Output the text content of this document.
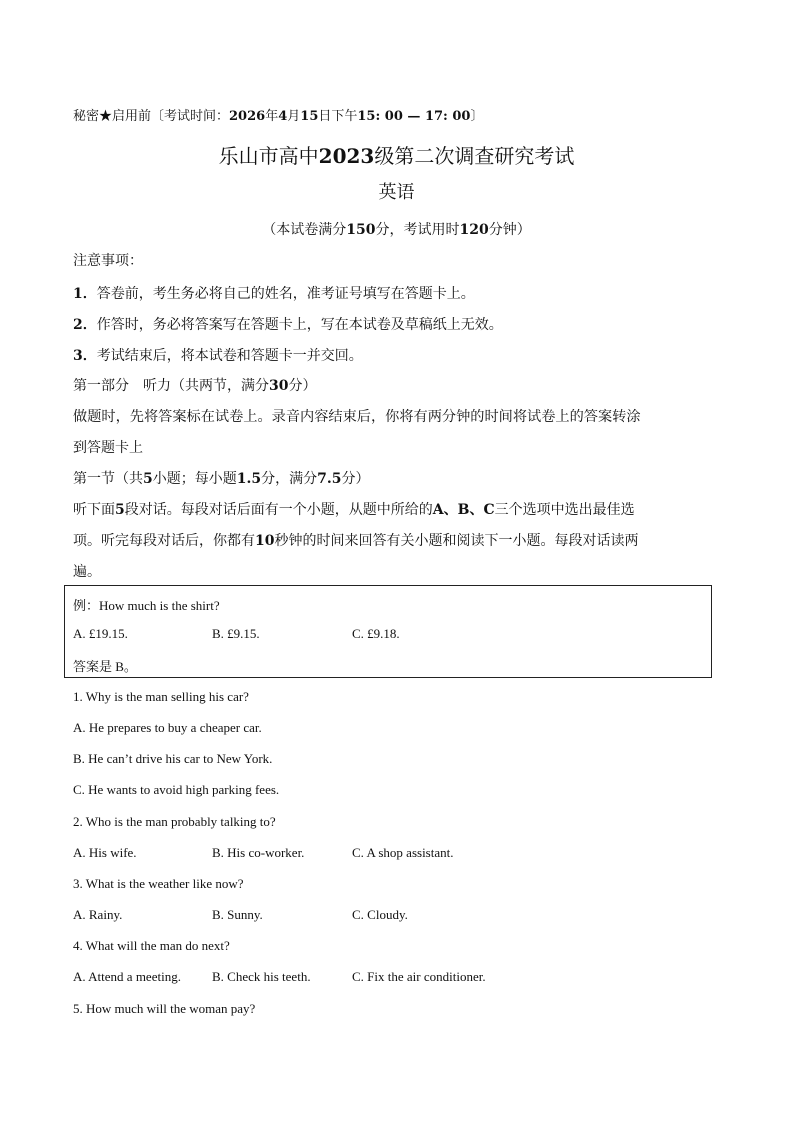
秘密★启用前〔考试时间：2026年4月15日下午15: 00 — 17: 00〕
乐山市高中2023级第二次调查研究考试
英语
（本试卷满分150分，考试用时120分钟）
注意事项：
1．答卷前，考生务必将自己的姓名，准考证号填写在答题卡上。
2．作答时，务必将答案写在答题卡上，写在本试卷及草稿纸上无效。
3．考试结束后，将本试卷和答题卡一并交回。
第一部分　听力（共两节，满分30分）
做题时，先将答案标在试卷上。录音内容结束后，你将有两分钟的时间将试卷上的答案转涂
到答题卡上
第一节（共5小题；每小题1.5分，满分7.5分）
听下面5段对话。每段对话后面有一个小题，从题中所给的A、B、C三个选项中选出最佳选
项。听完每段对话后，你都有10秒钟的时间来回答有关小题和阅读下一小题。每段对话读两
遍。
例：How much is the shirt?
A. £19.15.	B. £9.15.	C. £9.18.
答案是 B。
1. Why is the man selling his car?
A. He prepares to buy a cheaper car.
B. He can’t drive his car to New York.
C. He wants to avoid high parking fees.
2. Who is the man probably talking to?
A. His wife.	B. His co-worker.	C. A shop assistant.
3. What is the weather like now?
A. Rainy.	B. Sunny.	C. Cloudy.
4. What will the man do next?
A. Attend a meeting. B. Check his teeth.	C. Fix the air conditioner.
5. How much will the woman pay?
